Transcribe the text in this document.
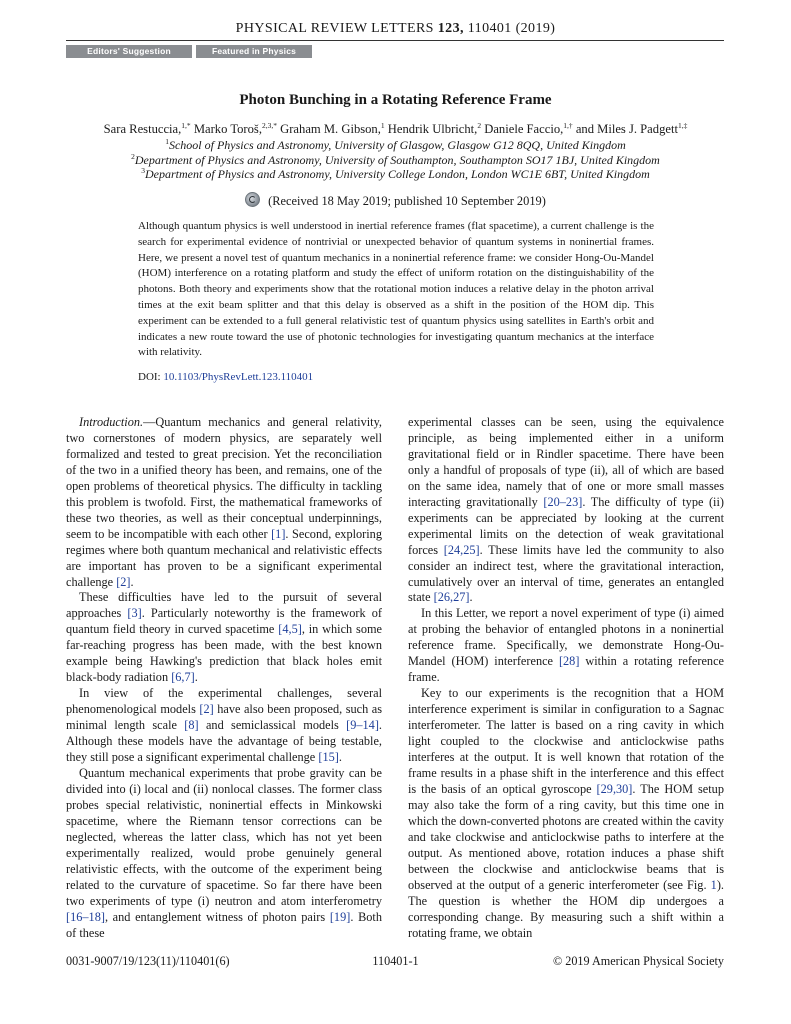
PHYSICAL REVIEW LETTERS 123, 110401 (2019)
Editors' Suggestion	Featured in Physics
Photon Bunching in a Rotating Reference Frame
Sara Restuccia,$^{1,*}$ Marko Toroš,$^{2,3,*}$ Graham M. Gibson,$^1$ Hendrik Ulbricht,$^2$ Daniele Faccio,$^{1,\dagger}$ and Miles J. Padgett$^{1,\ddagger}$
$^1$School of Physics and Astronomy, University of Glasgow, Glasgow G12 8QQ, United Kingdom
$^2$Department of Physics and Astronomy, University of Southampton, Southampton SO17 1BJ, United Kingdom
$^3$Department of Physics and Astronomy, University College London, London WC1E 6BT, United Kingdom
(Received 18 May 2019; published 10 September 2019)
Although quantum physics is well understood in inertial reference frames (flat spacetime), a current challenge is the search for experimental evidence of nontrivial or unexpected behavior of quantum systems in noninertial frames. Here, we present a novel test of quantum mechanics in a noninertial reference frame: we consider Hong-Ou-Mandel (HOM) interference on a rotating platform and study the effect of uniform rotation on the distinguishability of the photons. Both theory and experiments show that the rotational motion induces a relative delay in the photon arrival times at the exit beam splitter and that this delay is observed as a shift in the position of the HOM dip. This experiment can be extended to a full general relativistic test of quantum physics using satellites in Earth's orbit and indicates a new route toward the use of photonic technologies for investigating quantum mechanics at the interface with relativity.
DOI: 10.1103/PhysRevLett.123.110401

Introduction.—Quantum mechanics and general relativity, two cornerstones of modern physics, are separately well formalized and tested to great precision. Yet the reconciliation of the two in a unified theory has been, and remains, one of the open problems of theoretical physics. The difficulty in tackling this problem is twofold. First, the mathematical frameworks of these two theories, as well as their conceptual underpinnings, seem to be incompatible with each other [1]. Second, exploring regimes where both quantum mechanical and relativistic effects are important has proven to be a significant experimental challenge [2].

These difficulties have led to the pursuit of several approaches [3]. Particularly noteworthy is the framework of quantum field theory in curved spacetime [4,5], in which some far-reaching progress has been made, with the best known example being Hawking's prediction that black holes emit black-body radiation [6,7].

In view of the experimental challenges, several phenomenological models [2] have also been proposed, such as minimal length scale [8] and semiclassical models [9–14]. Although these models have the advantage of being testable, they still pose a significant experimental challenge [15].

Quantum mechanical experiments that probe gravity can be divided into (i) local and (ii) nonlocal classes. The former class probes special relativistic, noninertial effects in Minkowski spacetime, where the Riemann tensor corrections can be neglected, whereas the latter class, which has not yet been experimentally realized, would probe genuinely general relativistic effects, with the outcome of the experiment being related to the curvature of spacetime. So far there have been two experiments of type (i) neutron and atom interferometry [16–18], and entanglement witness of photon pairs [19]. Both of these

experimental classes can be seen, using the equivalence principle, as being implemented either in a uniform gravitational field or in Rindler spacetime. There have been only a handful of proposals of type (ii), all of which are based on the same idea, namely that of one or more small masses interacting gravitationally [20–23]. The difficulty of type (ii) experiments can be appreciated by looking at the current experimental limits on the detection of weak gravitational forces [24,25]. These limits have led the community to also consider an indirect test, where the gravitational interaction, cumulatively over an interval of time, generates an entangled state [26,27].

In this Letter, we report a novel experiment of type (i) aimed at probing the behavior of entangled photons in a noninertial reference frame. Specifically, we demonstrate Hong-Ou-Mandel (HOM) interference [28] within a rotating reference frame.

Key to our experiments is the recognition that a HOM interference experiment is similar in configuration to a Sagnac interferometer. The latter is based on a ring cavity in which light coupled to the clockwise and anticlockwise paths interferes at the output. It is well known that rotation of the frame results in a phase shift in the interference and this effect is the basis of an optical gyroscope [29,30]. The HOM setup may also take the form of a ring cavity, but this time one in which the down-converted photons are created within the cavity and take clockwise and anticlockwise paths to interfere at the output. As mentioned above, rotation induces a phase shift between the clockwise and anticlockwise beams that is observed at the output of a generic interferometer (see Fig. 1). The question is whether the HOM dip undergoes a corresponding change. By measuring such a shift within a rotating frame, we obtain

0031-9007/19/123(11)/110401(6)	110401-1	© 2019 American Physical Society
